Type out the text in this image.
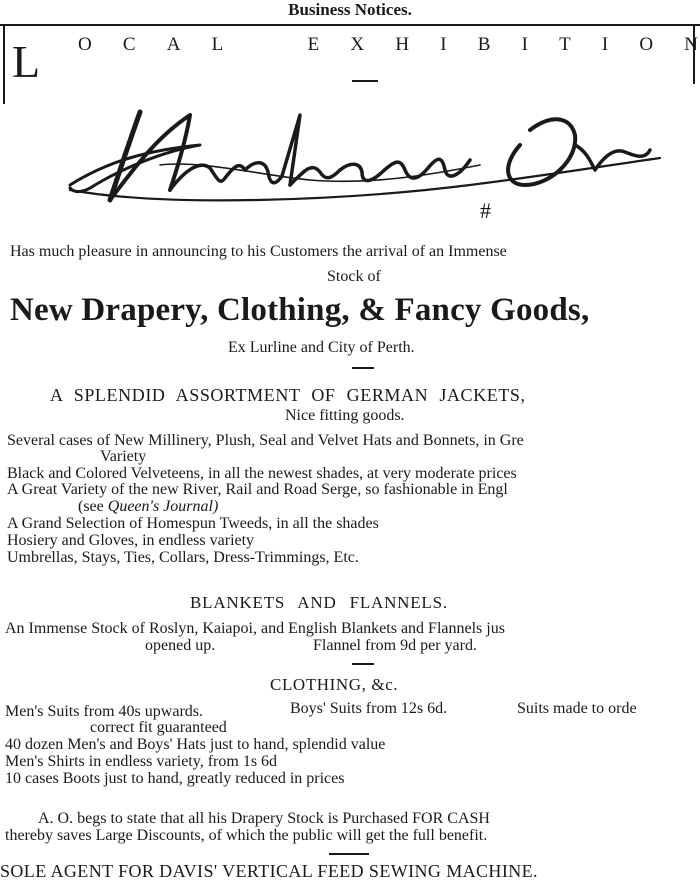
Business Notices.
L O C A L	E X H I B I T I O N
#
Has much pleasure in announcing to his Customers the arrival of an Immense
Stock of
New Drapery, Clothing, & Fancy Goods,
Ex Lurline and City of Perth.
A SPLENDID ASSORTMENT OF GERMAN JACKETS,
Nice fitting goods.
Several cases of New Millinery, Plush, Seal and Velvet Hats and Bonnets, in Gre
Variety
Black and Colored Velveteens, in all the newest shades, at very moderate prices
A Great Variety of the new River, Rail and Road Serge, so fashionable in Engl
(see Queen's Journal)
A Grand Selection of Homespun Tweeds, in all the shades
Hosiery and Gloves, in endless variety
Umbrellas, Stays, Ties, Collars, Dress-Trimmings, Etc.
BLANKETS AND FLANNELS.
An Immense Stock of Roslyn, Kaiapoi, and English Blankets and Flannels jus
opened up.	Flannel from 9d per yard.
CLOTHING, &c.
Men's Suits from 40s upwards.	Boys' Suits from 12s 6d.	Suits made to orde
correct fit guaranteed
40 dozen Men's and Boys' Hats just to hand, splendid value
Men's Shirts in endless variety, from 1s 6d
10 cases Boots just to hand, greatly reduced in prices
A. O. begs to state that all his Drapery Stock is Purchased FOR CASH
thereby saves Large Discounts, of which the public will get the full benefit.
SOLE AGENT FOR DAVIS' VERTICAL FEED SEWING MACHINE.
